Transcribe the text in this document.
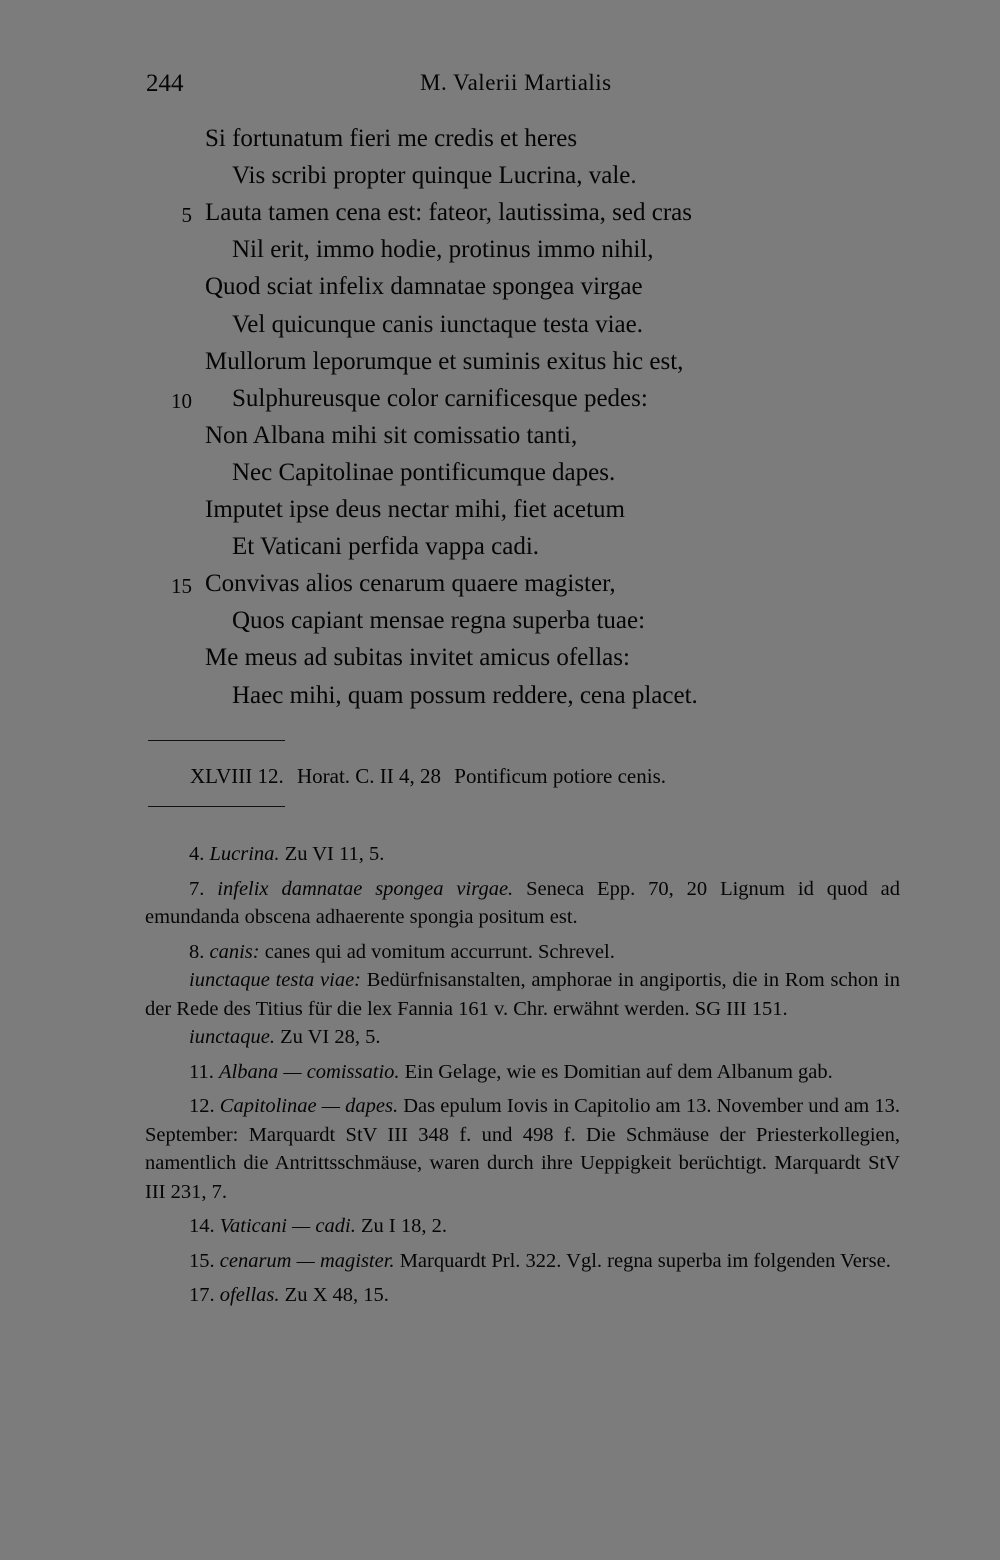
244	M. Valerii Martialis
Si fortunatum fieri me credis et heres
Vis scribi propter quinque Lucrina, vale.
5 Lauta tamen cena est: fateor, lautissima, sed cras
Nil erit, immo hodie, protinus immo nihil,
Quod sciat infelix damnatae spongea virgae
Vel quicunque canis iunctaque testa viae.
Mullorum leporumque et suminis exitus hic est,
10 Sulphureusque color carnificesque pedes:
Non Albana mihi sit comissatio tanti,
Nec Capitolinae pontificumque dapes.
Imputet ipse deus nectar mihi, fiet acetum
Et Vaticani perfida vappa cadi.
15 Convivas alios cenarum quaere magister,
Quos capiant mensae regna superba tuae:
Me meus ad subitas invitet amicus ofellas:
Haec mihi, quam possum reddere, cena placet.
XLVIII 12. Horat. C. II 4, 28 Pontificum potiore cenis.

4. Lucrina. Zu VI 11, 5.

7. infelix damnatae spongea virgae. Seneca Epp. 70, 20 Lignum id quod ad emundanda obscena adhaerente spongia positum est.

8. canis: canes qui ad vomitum accurrunt. Schrevel.

iunctaque testa viae: Bedürfnisanstalten, amphorae in angiportis, die in Rom schon in der Rede des Titius für die lex Fannia 161 v. Chr. erwähnt werden. SG III 151.

iunctaque. Zu VI 28, 5.

11. Albana — comissatio. Ein Gelage, wie es Domitian auf dem Albanum gab.

12. Capitolinae — dapes. Das epulum Iovis in Capitolio am 13. November und am 13. September: Marquardt StV III 348 f. und 498 f. Die Schmäuse der Priesterkollegien, namentlich die Antrittsschmäuse, waren durch ihre Ueppigkeit berüchtigt. Marquardt StV III 231, 7.

14. Vaticani — cadi. Zu I 18, 2.

15. cenarum — magister. Marquardt Prl. 322. Vgl. regna superba im folgenden Verse.

17. ofellas. Zu X 48, 15.
